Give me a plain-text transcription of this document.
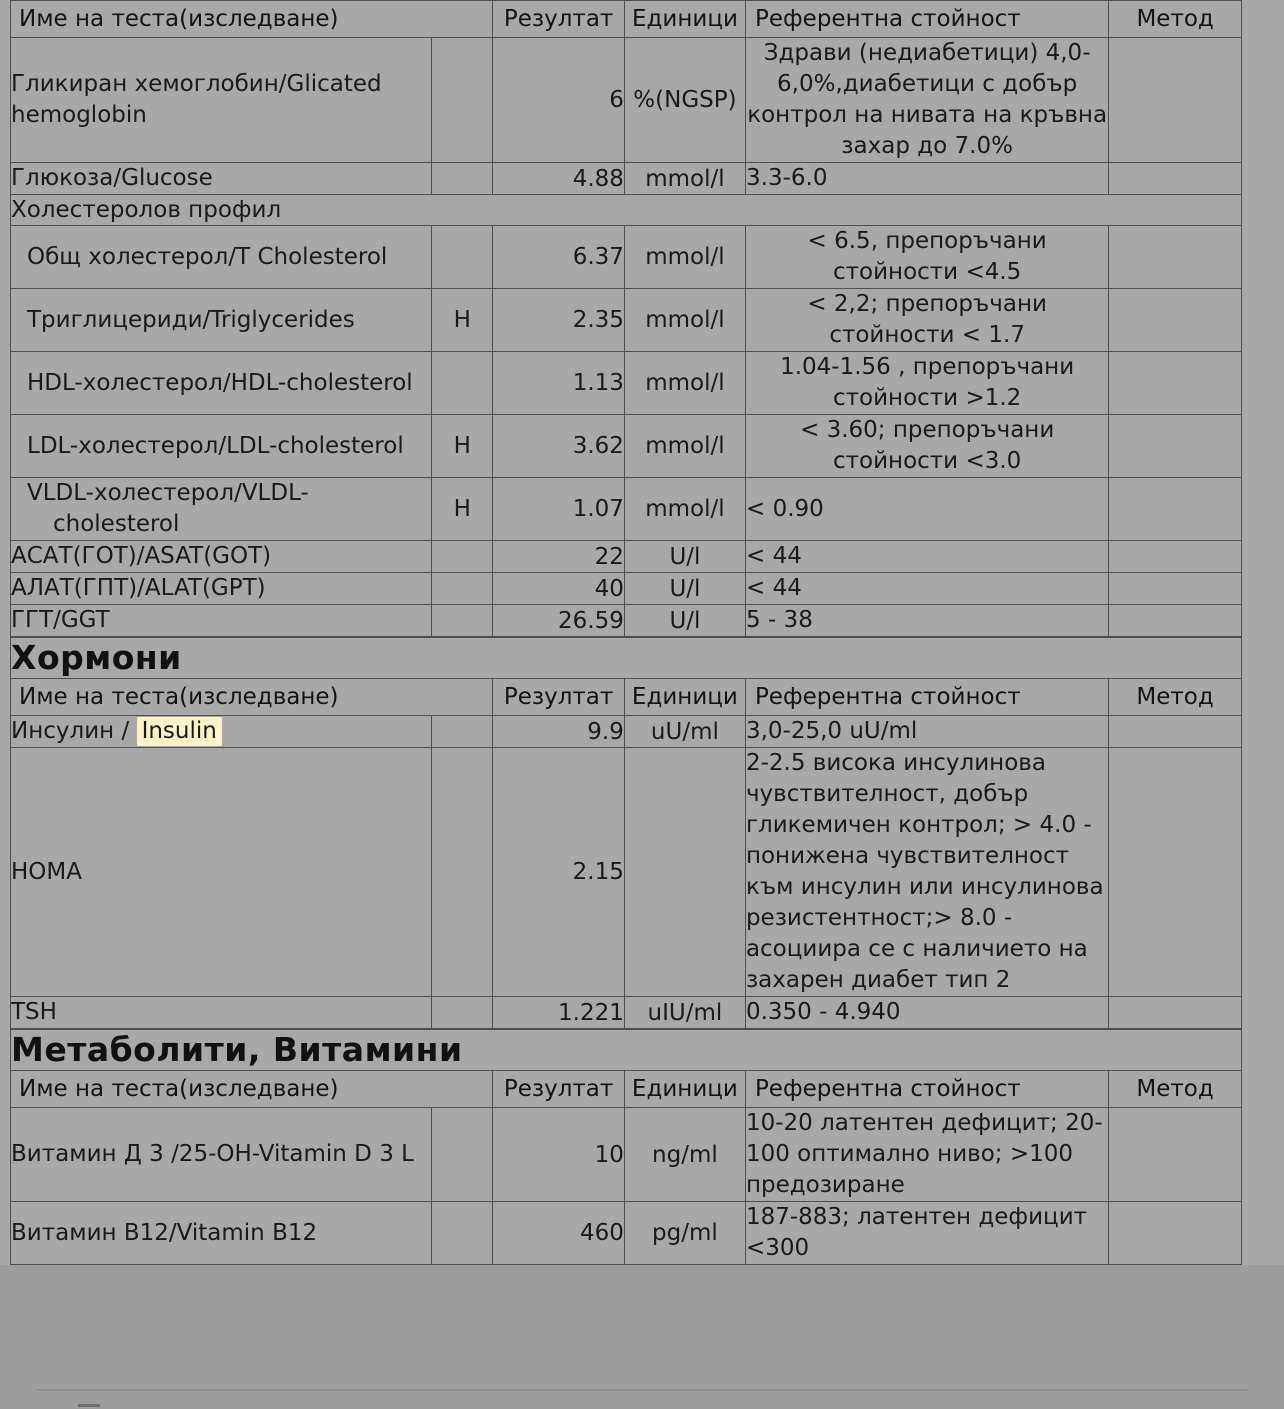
Име на теста(изследване)		Резултат	Единици	Референтна стойност	Метод
Гликиран хемоглобин/Glicated hemoglobin		6	%(NGSP)	Здрави (недиабетици) 4,0-6,0%,диабетици с добър контрол на нивата на кръвна захар до 7.0%	
Глюкоза/Glucose		4.88	mmol/l	3.3-6.0	
Холестеролов профил					
Общ холестерол/Т Cholesterol		6.37	mmol/l	< 6.5, препоръчани стойности <4.5	
Триглицериди/Triglycerides	H	2.35	mmol/l	< 2,2; препоръчани стойности < 1.7	
HDL-холестерол/HDL-cholesterol		1.13	mmol/l	1.04-1.56 , препоръчани стойности >1.2	
LDL-холестерол/LDL-cholesterol	H	3.62	mmol/l	< 3.60; препоръчани стойности <3.0	
VLDL-холестерол/VLDL-cholesterol	H	1.07	mmol/l	< 0.90	
АСАТ(ГОТ)/ASAT(GOT)		22	U/l	< 44	
АЛАТ(ГПТ)/ALAT(GPT)		40	U/l	< 44	
ГГТ/GGT		26.59	U/l	5 - 38	
Хормони					
Име на теста(изследване)		Резултат	Единици	Референтна стойност	Метод
Инсулин / Insulin		9.9	uU/ml	3,0-25,0 uU/ml	
HOMA		2.15		2-2.5 висока инсулинова чувствителност, добър гликемичен контрол; > 4.0 - понижена чувствителност към инсулин или инсулинова резистентност;> 8.0 - асоциира се с наличието на захарен диабет тип 2	
TSH		1.221	uIU/ml	0.350 - 4.940	
Метаболити, Витамини					
Име на теста(изследване)		Резултат	Единици	Референтна стойност	Метод
Витамин Д 3 /25-OH-Vitamin D 3 L		10	ng/ml	10-20 латентен дефицит; 20-100 оптимално ниво; >100 предозиране	
Витамин B12/Vitamin B12		460	pg/ml	187-883; латентен дефицит <300	
